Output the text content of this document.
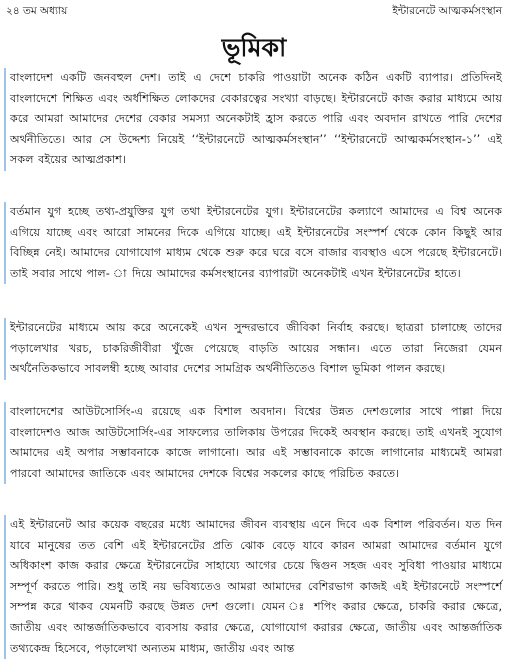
২৪ তম অধ্যায়	ইন্টারনেটে আত্মকর্মসংস্থান
ভূমিকা
বাংলাদেশ একটি জনবহুল দেশ। তাই এ দেশে চাকরি পাওয়াটা অনেক কঠিন একটি ব্যাপার। প্রতিদিনই বাংলাদেশে শিক্ষিত এবং অর্ধশিক্ষিত লোকদের বেকারত্বের সংখ্যা বাড়ছে। ইন্টারনেটে কাজ করার মাধ্যমে আয় করে আমরা আমাদের দেশের বেকার সমস্যা অনেকটাই হ্রাস করতে পারি এবং অবদান রাখতে পারি দেশের অর্থনীতিতে। আর সে উদ্দেশ্য নিয়েই ‘‘ইন্টারনেটে আত্মকর্মসংস্থান’’ ‘‘ইন্টারনেটে আত্মকর্মসংস্থান-১’’ এই সকল বইয়ের আত্মপ্রকাশ।
বর্তমান যুগ হচ্ছে তথ্য-প্রযুক্তির যুগ তথা ইন্টারনেটের যুগ। ইন্টারনেটের কল্যাণে আমাদের এ বিশ্ব অনেক এগিয়ে যাচ্ছে এবং আরো সামনের দিকে এগিয়ে যাচ্ছে। এই ইন্টারনেটের সংস্পর্শ থেকে কোন কিছুই আর বিচ্ছিন্ন নেই। আমাদের যোগাযোগ মাধ্যম থেকে শুরু করে ঘরে বসে বাজার ব্যবস্থাও এসে পরেছে ইন্টারনেটে। তাই সবার সাথে পাল- া দিয়ে আমাদের কর্মসংস্থানের ব্যাপারটা অনেকটাই এখন ইন্টারনেটের হাতে।
ইন্টারনেটের মাধ্যমে আয় করে অনেকেই এখন সুন্দরভাবে জীবিকা নির্বাহ করছে। ছাত্ররা চালাচ্ছে তাদের পড়ালেখার খরচ, চাকরিজীবীরা খুঁজে পেয়েছে বাড়তি আয়ের সন্ধান। এতে তারা নিজেরা যেমন অর্থনৈতিকভাবে সাবলম্বী হচ্ছে আবার দেশের সামগ্রিক অর্থনীতিতেও বিশাল ভূমিকা পালন করছে।
বাংলাদেশের আউটসোর্সিং-এ রয়েছে এক বিশাল অবদান। বিশ্বের উন্নত দেশগুলোর সাথে পাল্লা দিয়ে বাংলাদেশও আজ আউটসোর্সিং-এর সাফল্যের তালিকায় উপরের দিকেই অবস্থান করছে। তাই এখনই সুযোগ আমাদের এই অপার সম্ভাবনাকে কাজে লাগানো। আর এই সম্ভাবনাকে কাজে লাগানোর মাধ্যমেই আমরা পারবো আমাদের জাতিকে এবং আমাদের দেশকে বিশ্বের সকলের কাছে পরিচিত করতে।
এই ইন্টারনেট আর কয়েক বছরের মধ্যে আমাদের জীবন ব্যবস্থায় এনে দিবে এক বিশাল পরিবর্তন। যত দিন যাবে মানুষের তত বেশি এই ইন্টারনেটের প্রতি ঝোক বেড়ে যাবে কারন আমরা আমাদের বর্তমান যুগে অধিকাংশ কাজ করার ক্ষেত্রে ইন্টারনেটের সাহায্যে আগের চেয়ে দ্বিগুন সহজ এবং সুবিধা পাওয়ার মাধ্যমে সম্পূর্ণ করতে পারি। শুধু তাই নয় ভবিষ্যতেও আমরা আমাদের বেশিরভাগ কাজই এই ইন্টারনেটে সংস্পর্শে সম্পন্ন করে থাকব যেমনটি করছে উন্নত দেশ গুলো। যেমন ঃ শপিং করার ক্ষেত্রে, চাকরি করার ক্ষেত্রে, জাতীয় এবং আন্তর্জাতিকভাবে ব্যবসায় করার ক্ষেত্রে, যোগাযোগ করারর ক্ষেত্রে, জাতীয় এবং আন্তর্জাতিক তথ্যকেন্দ্র হিসেবে, পড়ালেখা অন্যতম মাধ্যম, জাতীয় এবং আন্ত
